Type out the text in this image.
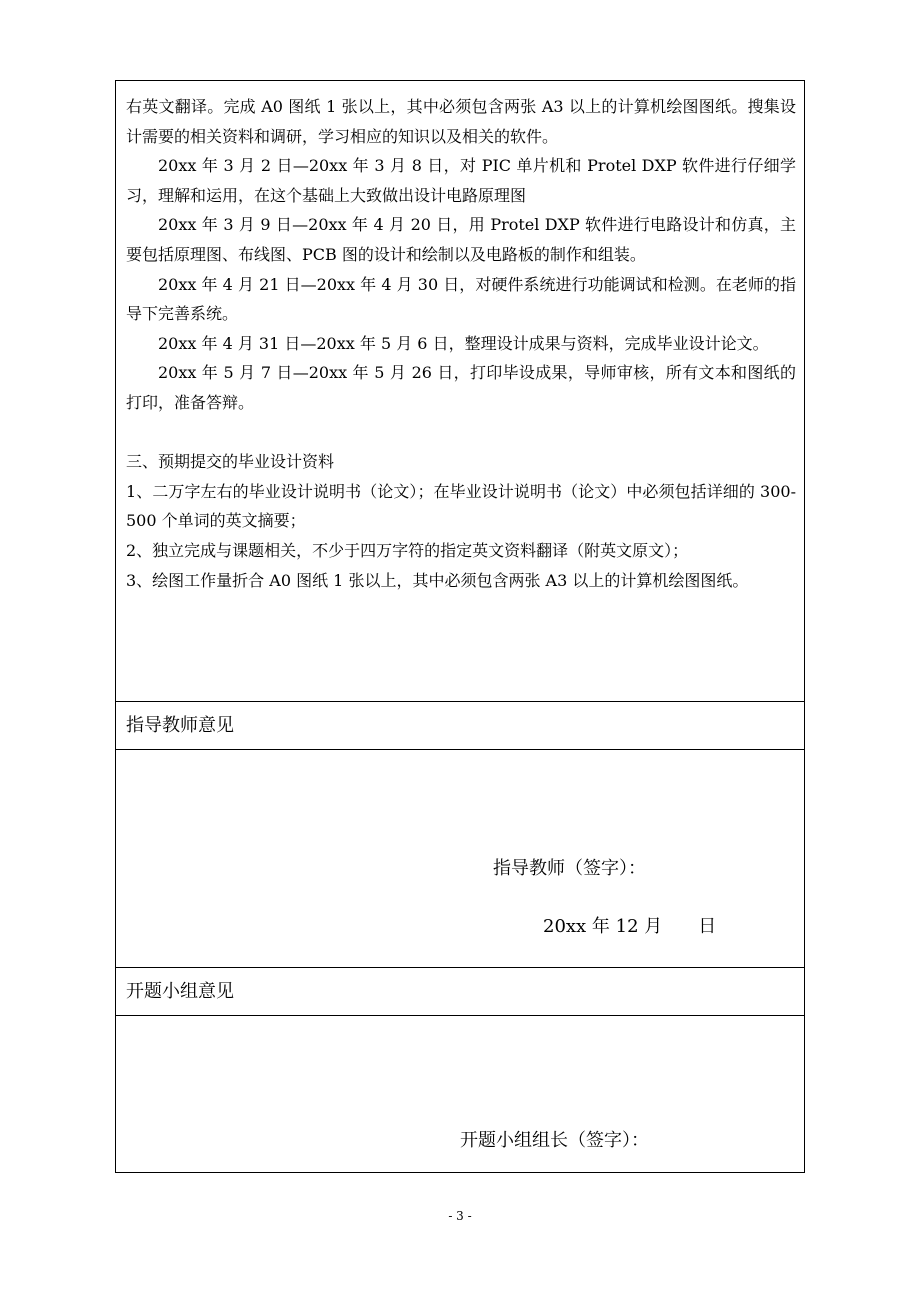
右英文翻译。完成 A0 图纸 1 张以上，其中必须包含两张 A3 以上的计算机绘图图纸。搜集设计需要的相关资料和调研，学习相应的知识以及相关的软件。

20xx 年 3 月 2 日—20xx 年 3 月 8 日，对 PIC 单片机和 Protel DXP 软件进行仔细学习，理解和运用，在这个基础上大致做出设计电路原理图

20xx 年 3 月 9 日—20xx 年 4 月 20 日，用 Protel DXP 软件进行电路设计和仿真，主要包括原理图、布线图、PCB 图的设计和绘制以及电路板的制作和组装。

20xx 年 4 月 21 日—20xx 年 4 月 30 日，对硬件系统进行功能调试和检测。在老师的指导下完善系统。

20xx 年 4 月 31 日—20xx 年 5 月 6 日，整理设计成果与资料，完成毕业设计论文。

20xx 年 5 月 7 日—20xx 年 5 月 26 日，打印毕设成果，导师审核，所有文本和图纸的打印，准备答辩。

三、预期提交的毕业设计资料

1、二万字左右的毕业设计说明书（论文）；在毕业设计说明书（论文）中必须包括详细的 300-500 个单词的英文摘要；

2、独立完成与课题相关，不少于四万字符的指定英文资料翻译（附英文原文）；

3、绘图工作量折合 A0 图纸 1 张以上，其中必须包含两张 A3 以上的计算机绘图图纸。

指导教师意见
指导教师（签字）：
20xx 年 12 月　　日
开题小组意见
开题小组组长（签字）：
- 3 -
